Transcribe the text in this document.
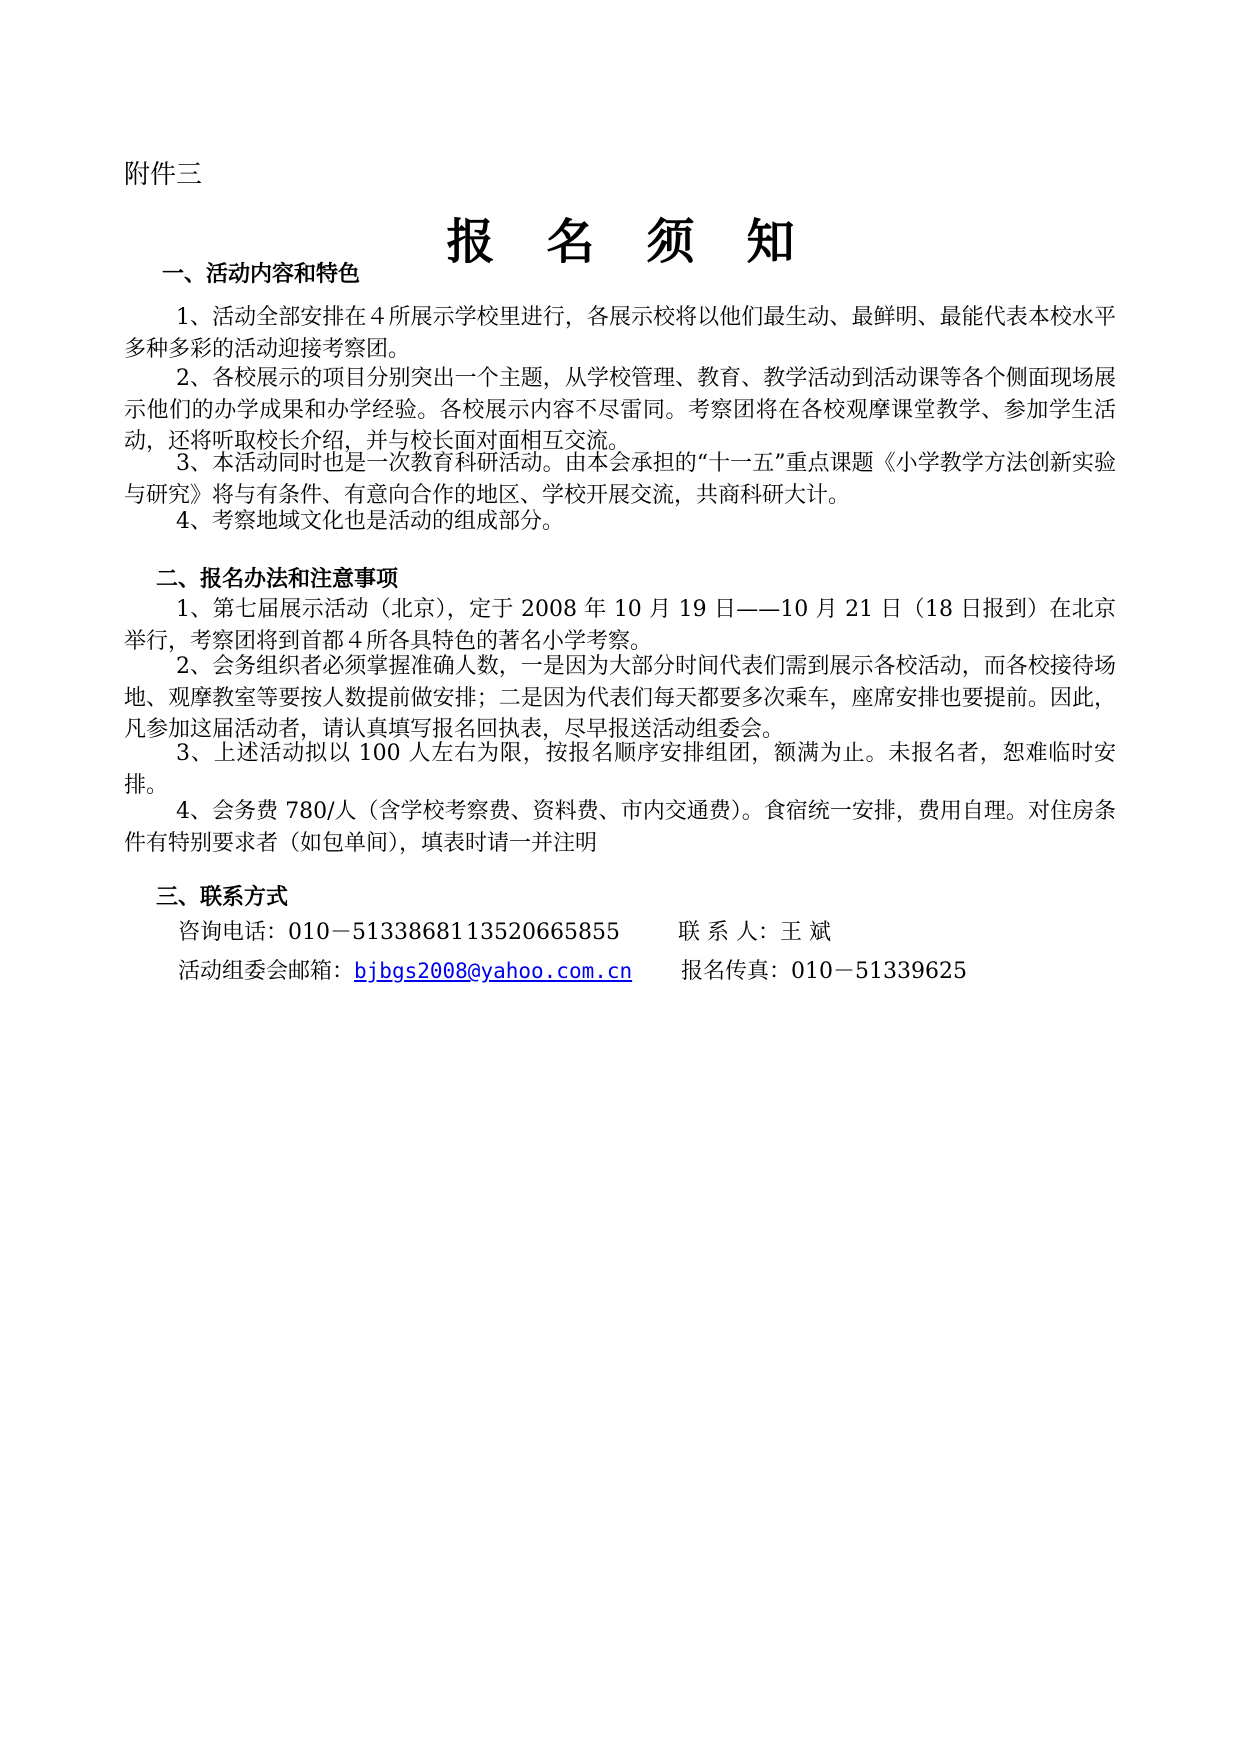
附件三
报名须知
一、活动内容和特色

1、活动全部安排在４所展示学校里进行，各展示校将以他们最生动、最鲜明、最能代表本校水平多种多彩的活动迎接考察团。

2、各校展示的项目分别突出一个主题，从学校管理、教育、教学活动到活动课等各个侧面现场展示他们的办学成果和办学经验。各校展示内容不尽雷同。考察团将在各校观摩课堂教学、参加学生活动，还将听取校长介绍，并与校长面对面相互交流。

3、本活动同时也是一次教育科研活动。由本会承担的“十一五”重点课题《小学教学方法创新实验与研究》将与有条件、有意向合作的地区、学校开展交流，共商科研大计。

4、考察地域文化也是活动的组成部分。

二、报名办法和注意事项

1、第七届展示活动（北京），定于 2008 年 10 月 19 日——10 月 21 日（18 日报到）在北京举行，考察团将到首都４所各具特色的著名小学考察。

2、会务组织者必须掌握准确人数，一是因为大部分时间代表们需到展示各校活动，而各校接待场地、观摩教室等要按人数提前做安排；二是因为代表们每天都要多次乘车，座席安排也要提前。因此，凡参加这届活动者，请认真填写报名回执表，尽早报送活动组委会。

3、上述活动拟以 100 人左右为限，按报名顺序安排组团，额满为止。未报名者，恕难临时安排。

4、会务费 780/人（含学校考察费、资料费、市内交通费）。食宿统一安排，费用自理。对住房条件有特别要求者（如包单间），填表时请一并注明

三、联系方式
咨询电话：010－5133868113520665855	联 系 人：王 斌
活动组委会邮箱：bjbgs2008@yahoo.com.cn 报名传真：010－51339625
